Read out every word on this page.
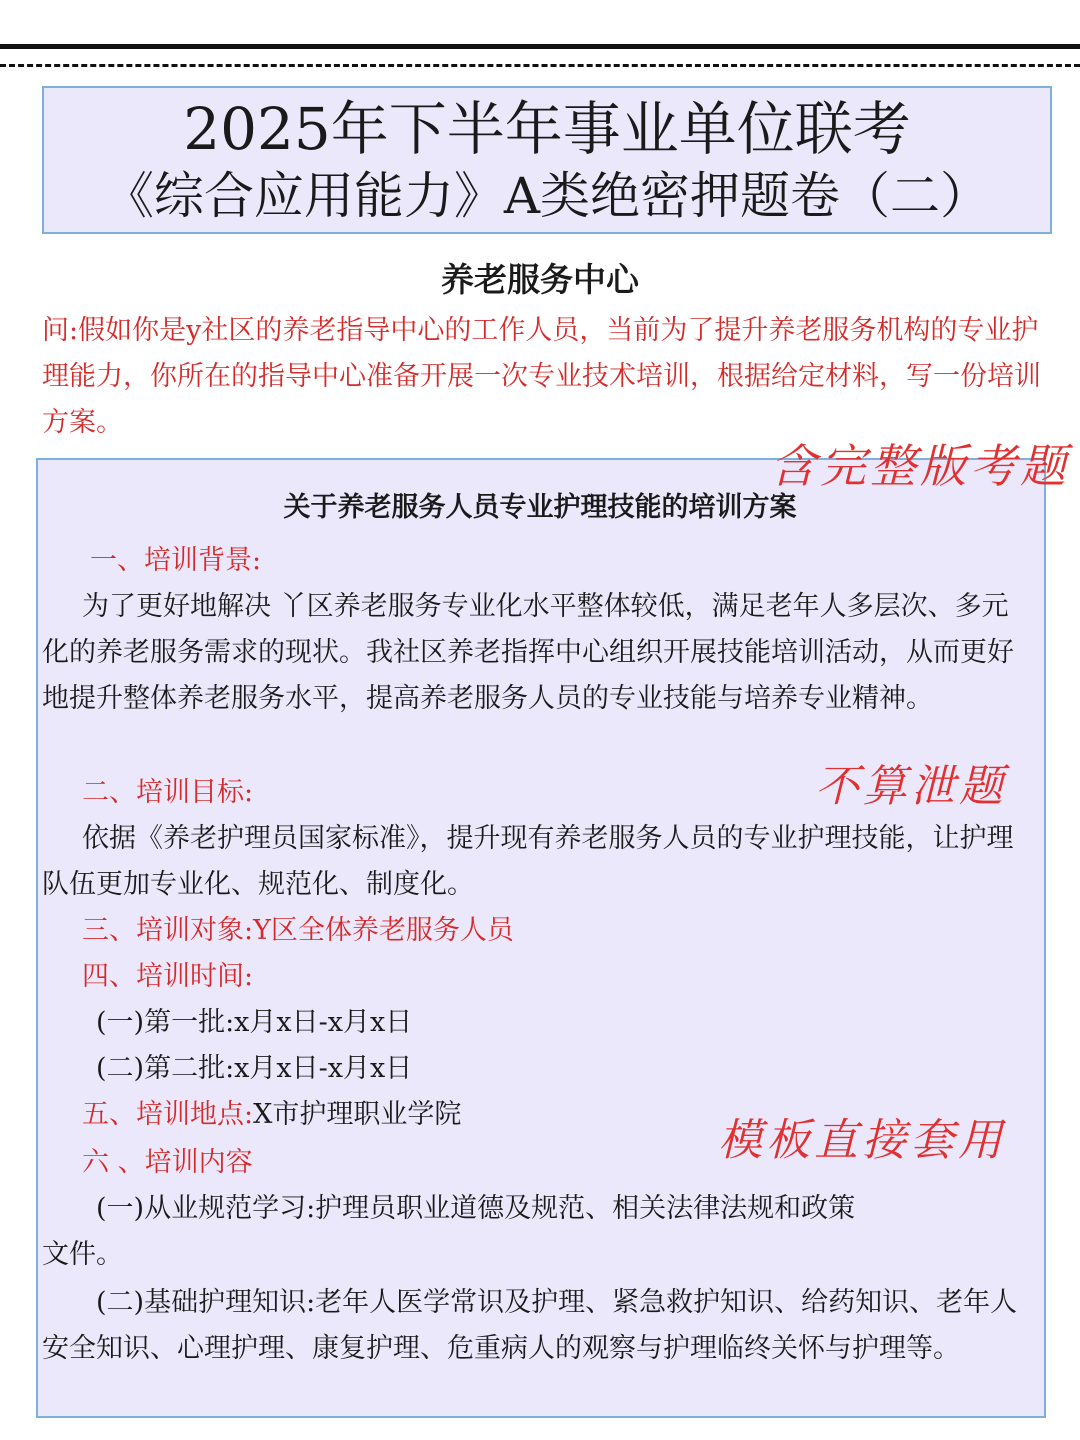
2025年下半年事业单位联考
《综合应用能力》A类绝密押题卷（二）
养老服务中心
问:假如你是y社区的养老指导中心的工作人员，当前为了提升养老服务机构的专业护理能力，你所在的指导中心准备开展一次专业技术培训，根据给定材料，写一份培训方案。
含完整版考题
关于养老服务人员专业护理技能的培训方案
一、培训背景:
为了更好地解决 丫区养老服务专业化水平整体较低，满足老年人多层次、多元化的养老服务需求的现状。我社区养老指挥中心组织开展技能培训活动，从而更好地提升整体养老服务水平，提高养老服务人员的专业技能与培养专业精神。
不算泄题
二、培训目标:
依据《养老护理员国家标准》，提升现有养老服务人员的专业护理技能，让护理队伍更加专业化、规范化、制度化。
三、培训对象:Y区全体养老服务人员
四、培训时间:
(一)第一批:x月x日-x月x日
(二)第二批:x月x日-x月x日
五、培训地点:X市护理职业学院
模板直接套用
六 、培训内容
(一)从业规范学习:护理员职业道德及规范、相关法律法规和政策
文件。
(二)基础护理知识:老年人医学常识及护理、紧急救护知识、给药知识、老年人安全知识、心理护理、康复护理、危重病人的观察与护理临终关怀与护理等。
